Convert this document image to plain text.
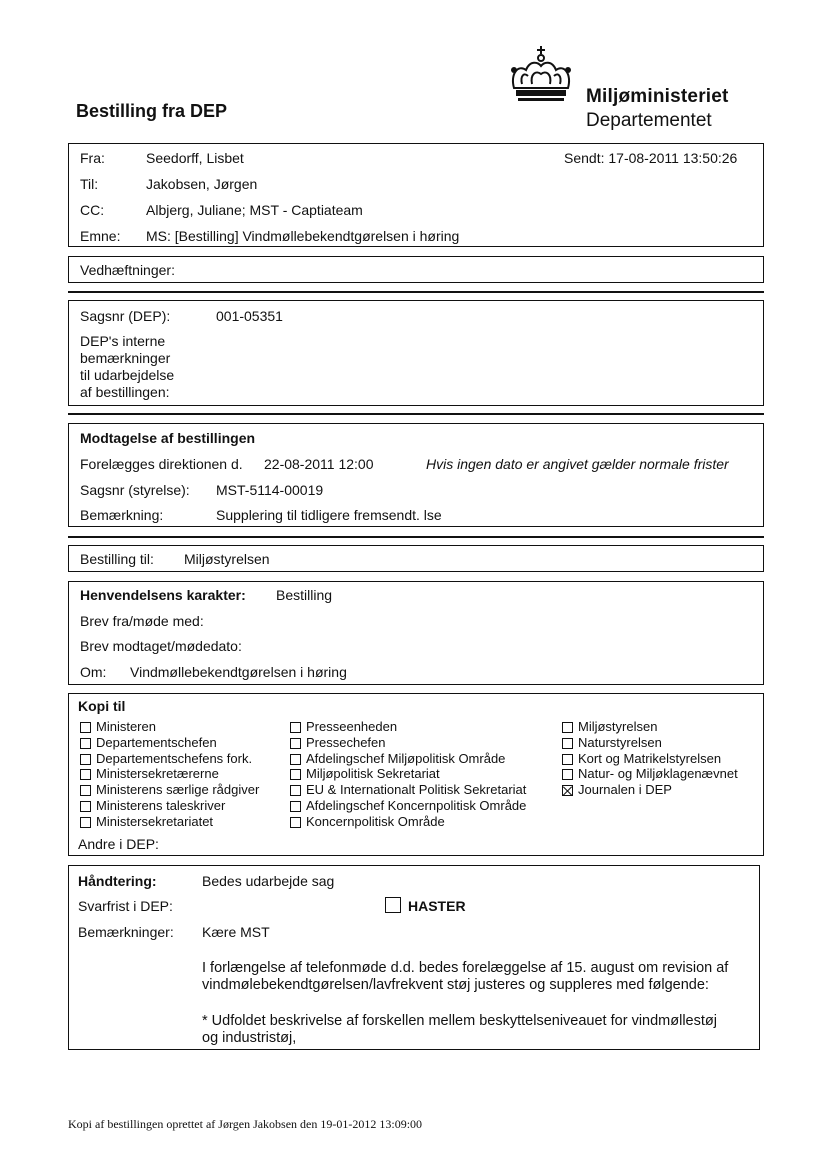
Bestilling fra DEP
Miljøministeriet
Departementet
Fra:	Seedorff, Lisbet	Sendt: 17-08-2011 13:50:26
Til:	Jakobsen, Jørgen
CC:	Albjerg, Juliane; MST - Captiateam
Emne: MS: [Bestilling] Vindmøllebekendtgørelsen i høring
Vedhæftninger:
Sagsnr (DEP):	001-05351
DEP's interne
bemærkninger
til udarbejdelse
af bestillingen:
Modtagelse af bestillingen
Forelægges direktionen d. 22-08-2011 12:00	Hvis ingen dato er angivet gælder normale frister
Sagsnr (styrelse): MST-5114-00019
Bemærkning:	Supplering til tidligere fremsendt. lse
Bestilling til: Miljøstyrelsen
Henvendelsens karakter: Bestilling
Brev fra/møde med:
Brev modtaget/mødedato:
Om: Vindmøllebekendtgørelsen i høring
Kopi til
Ministeren
Departementschefen
Departementschefens fork.
Ministersekretærerne
Ministerens særlige rådgiver
Ministerens taleskriver
Ministersekretariatet
Presseenheden
Pressechefen
Afdelingschef Miljøpolitisk Område
Miljøpolitisk Sekretariat
EU & Internationalt Politisk Sekretariat
Afdelingschef Koncernpolitisk Område
Koncernpolitisk Område
Miljøstyrelsen
Naturstyrelsen
Kort og Matrikelstyrelsen
Natur- og Miljøklagenævnet
Journalen i DEP
Andre i DEP:
Håndtering:	Bedes udarbejde sag
Svarfrist i DEP:	HASTER
Bemærkninger: Kære MST
I forlængelse af telefonmøde d.d. bedes forelæggelse af 15. august om revision af
vindmølebekendtgørelsen/lavfrekvent støj justeres og suppleres med følgende:
* Udfoldet beskrivelse af forskellen mellem beskyttelseniveauet for vindmøllestøj
og industristøj,
Kopi af bestillingen oprettet af Jørgen Jakobsen den 19-01-2012 13:09:00
